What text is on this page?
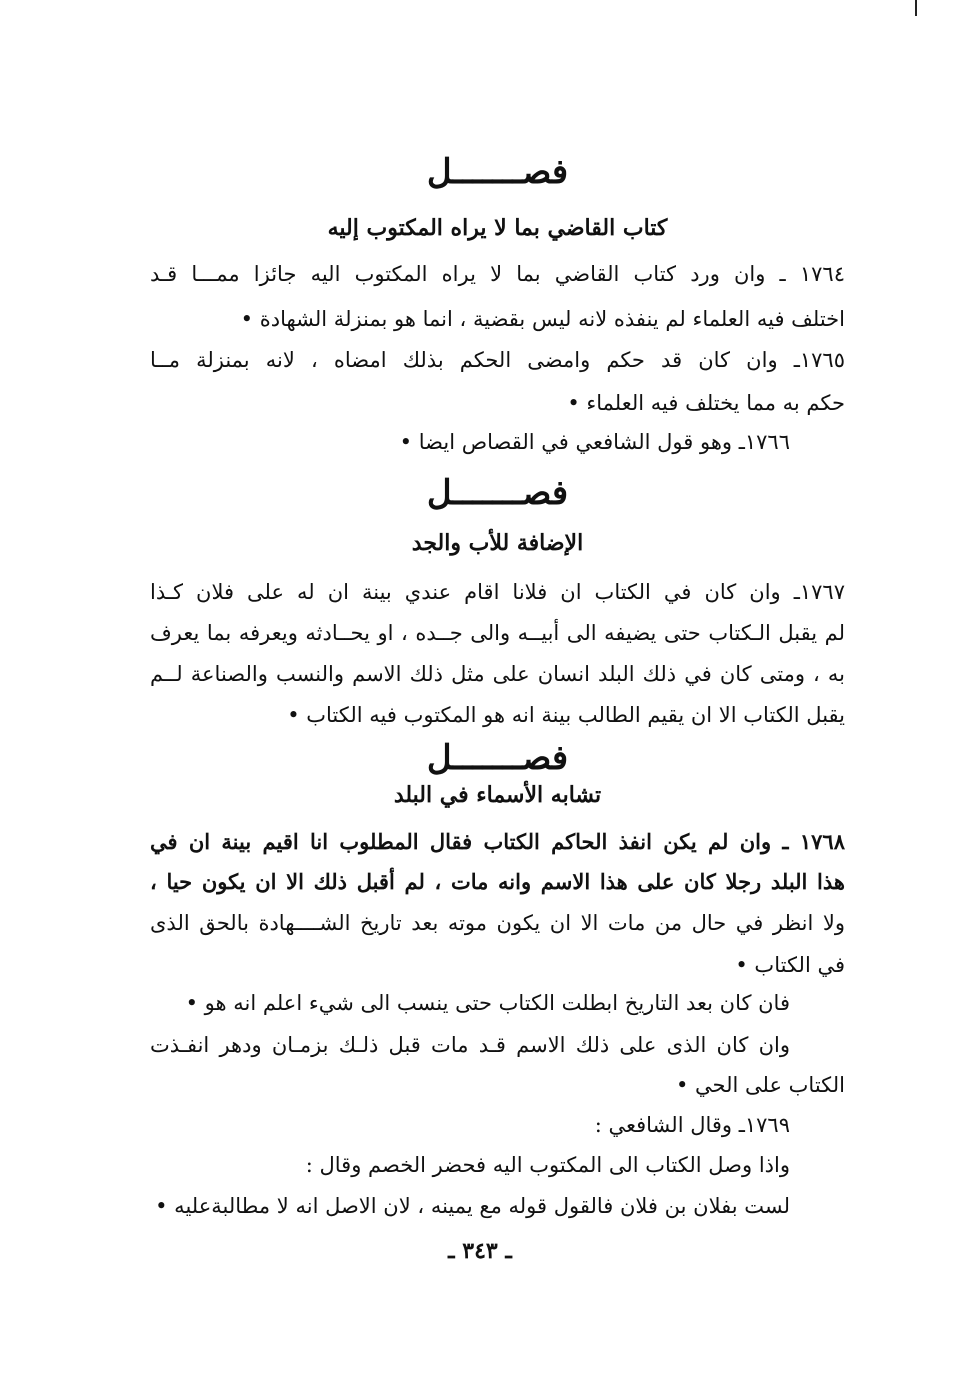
فصـــــــل
كتاب القاضي بما لا يراه المكتوب إليه
١٧٦٤ ـ وان ورد كتاب القاضي بما لا يراه المكتوب اليه جائزا ممـــا قـد
اختلف فيه العلماء لم ينفذه لانه ليس بقضية ، انما هو بمنزلة الشهادة •
١٧٦٥ـ وان كان قد حكم وامضى الحكم بذلك امضاه ، لانه بمنزلة مــا
حكم به مما يختلف فيه العلماء •
١٧٦٦ـ وهو قول الشافعي في القصاص ايضا •
فصـــــــل
الإضافة للأب والجد
١٧٦٧ـ وان كان في الكتاب ان فلانا اقام عندي بينة ان له على فلان كـذا
لم يقبل الـكتاب حتى يضيفه الى أبيــه والى جــده ، او يحــادثه ويعرفه بما يعرف
به ، ومتى كان في ذلك البلد انسان على مثل ذلك الاسم والنسب والصناعة لــم
يقبل الكتاب الا ان يقيم الطالب بينة انه هو المكتوب فيه الكتاب •
فصـــــــل
تشابه الأسماء في البلد
١٧٦٨ ـ وان لم يكن انفذ الحاكم الكتاب فقال المطلوب انا اقيم بينة ان في
هذا البلد رجلا كان على هذا الاسم وانه مات ، لم أقبل ذلك الا ان يكون حيا ،
ولا انظر في حال من مات الا ان يكون موته بعد تاريخ الشــــهادة بالحق الذى
في الكتاب •
فان كان بعد التاريخ ابطلت الكتاب حتى ينسب الى شيء اعلم انه هو •
وان كان الذى على ذلك الاسم قـد مات قبل ذلـك بزمـان ودهر انفـذت
الكتاب على الحي •
١٧٦٩ـ وقال الشافعي :
واذا وصل الكتاب الى المكتوب اليه فحضر الخصم وقال :
لست بفلان بن فلان فالقول قوله مع يمينه ، لان الاصل انه لا مطالبةعليه •
ـ ٣٤٣ ـ
